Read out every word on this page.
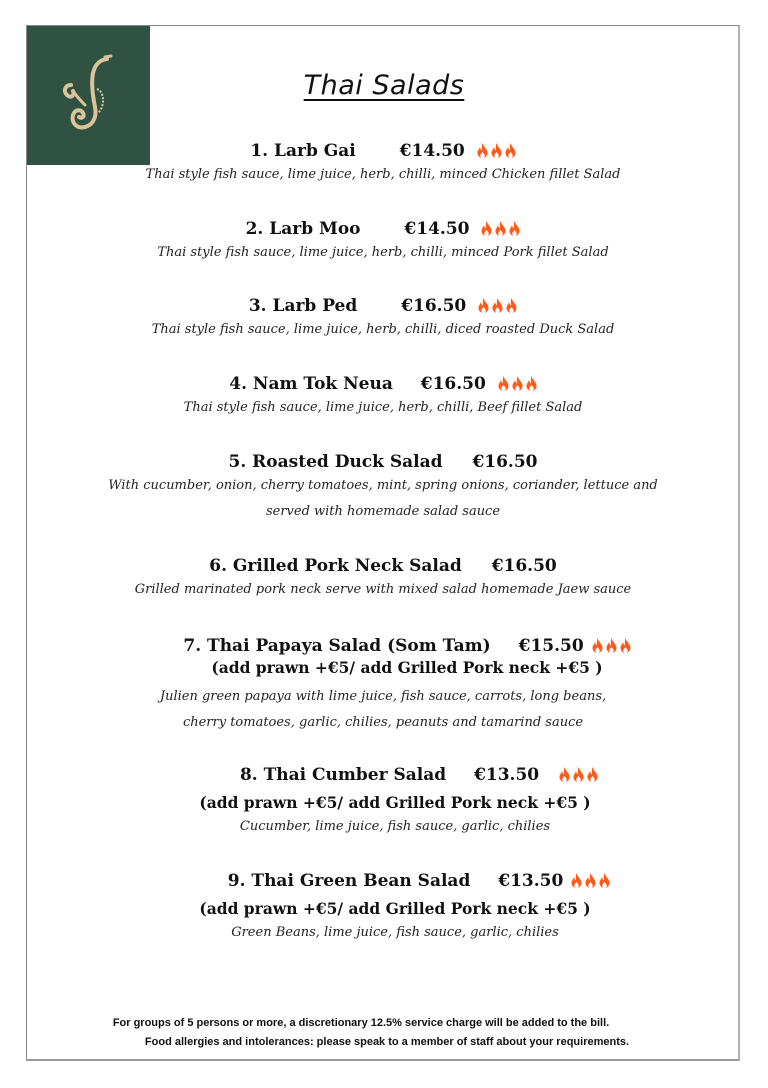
Thai Salads
1. Larb Gai	€14.50
Thai style fish sauce, lime juice, herb, chilli, minced Chicken fillet Salad
2. Larb Moo	€14.50
Thai style fish sauce, lime juice, herb, chilli, minced Pork fillet Salad
3. Larb Ped	€16.50
Thai style fish sauce, lime juice, herb, chilli, diced roasted Duck Salad
4. Nam Tok Neua €16.50
Thai style fish sauce, lime juice, herb, chilli, Beef fillet Salad
5. Roasted Duck Salad €16.50
With cucumber, onion, cherry tomatoes, mint, spring onions, coriander, lettuce and
served with homemade salad sauce
6. Grilled Pork Neck Salad €16.50
Grilled marinated pork neck serve with mixed salad homemade Jaew sauce
7. Thai Papaya Salad (Som Tam) €15.50
(add prawn +€5/ add Grilled Pork neck +€5 )
Julien green papaya with lime juice, fish sauce, carrots, long beans,
cherry tomatoes, garlic, chilies, peanuts and tamarind sauce
8. Thai Cumber Salad €13.50
(add prawn +€5/ add Grilled Pork neck +€5 )
Cucumber, lime juice, fish sauce, garlic, chilies
9. Thai Green Bean Salad €13.50
(add prawn +€5/ add Grilled Pork neck +€5 )
Green Beans, lime juice, fish sauce, garlic, chilies
For groups of 5 persons or more, a discretionary 12.5% service charge will be added to the bill.
Food allergies and intolerances: please speak to a member of staff about your requirements.
